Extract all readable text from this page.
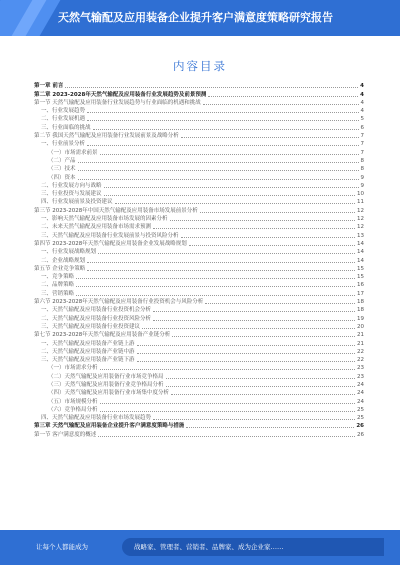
天然气输配及应用装备企业提升客户满意度策略研究报告
内容目录
第一章 前言	4
第二章 2023-2028年天然气输配及应用装备行业发展趋势及前景预测	4
第一节 天然气输配及应用装备行业发展趋势与行业面临的机遇和挑战	4
一、行业发展趋势	4
二、行业发展机遇	5
三、行业面临的挑战	6
第二节 我国天然气输配及应用装备行业发展前景及战略分析	7
一、行业前景分析	7
（一）市场需求前景	7
（二）产品	8
（三）技术	8
（四）资本	9
二、行业发展方向与战略	9
三、行业投资与发展建议	10
四、行业发展前景及投资建议	11
第三节 2023-2028年中国天然气输配及应用装备市场发展前景分析	12
一、影响天然气输配及应用装备市场发展的因素分析	12
二、未来天然气输配及应用装备市场需求预测	12
三、天然气输配及应用装备行业发展前景与投资风险分析	13
第四节 2023-2028年天然气输配及应用装备企业发展战略规划	14
一、行业发展战略规划	14
二、企业战略规划	14
第五节 企业竞争策略	15
一、竞争策略	15
二、品牌策略	16
三、营销策略	17
第六节 2023-2028年天然气输配及应用装备行业投资机会与风险分析	18
一、天然气输配及应用装备行业投资机会分析	18
二、天然气输配及应用装备行业投资风险分析	19
三、天然气输配及应用装备行业投资建议	20
第七节 2023-2028年天然气输配及应用装备产业链分析	21
一、天然气输配及应用装备产业链上游	21
二、天然气输配及应用装备产业链中游	22
三、天然气输配及应用装备产业链下游	22
（一）市场需求分析	23
（二）天然气输配及应用装备行业市场竞争格局	23
（三）天然气输配及应用装备行业竞争格局分析	24
（四）天然气输配及应用装备行业市场集中度分析	24
（五）市场规模分析	24
（六）竞争格局分析	25
四、天然气输配及应用装备行业市场发展趋势	25
第三章 天然气输配及应用装备企业提升客户满意度策略与措施	26
第一节 客户满意度的概述	26
让每个人都能成为	战略家、管理者、营销者、品牌家、成为企业家……
